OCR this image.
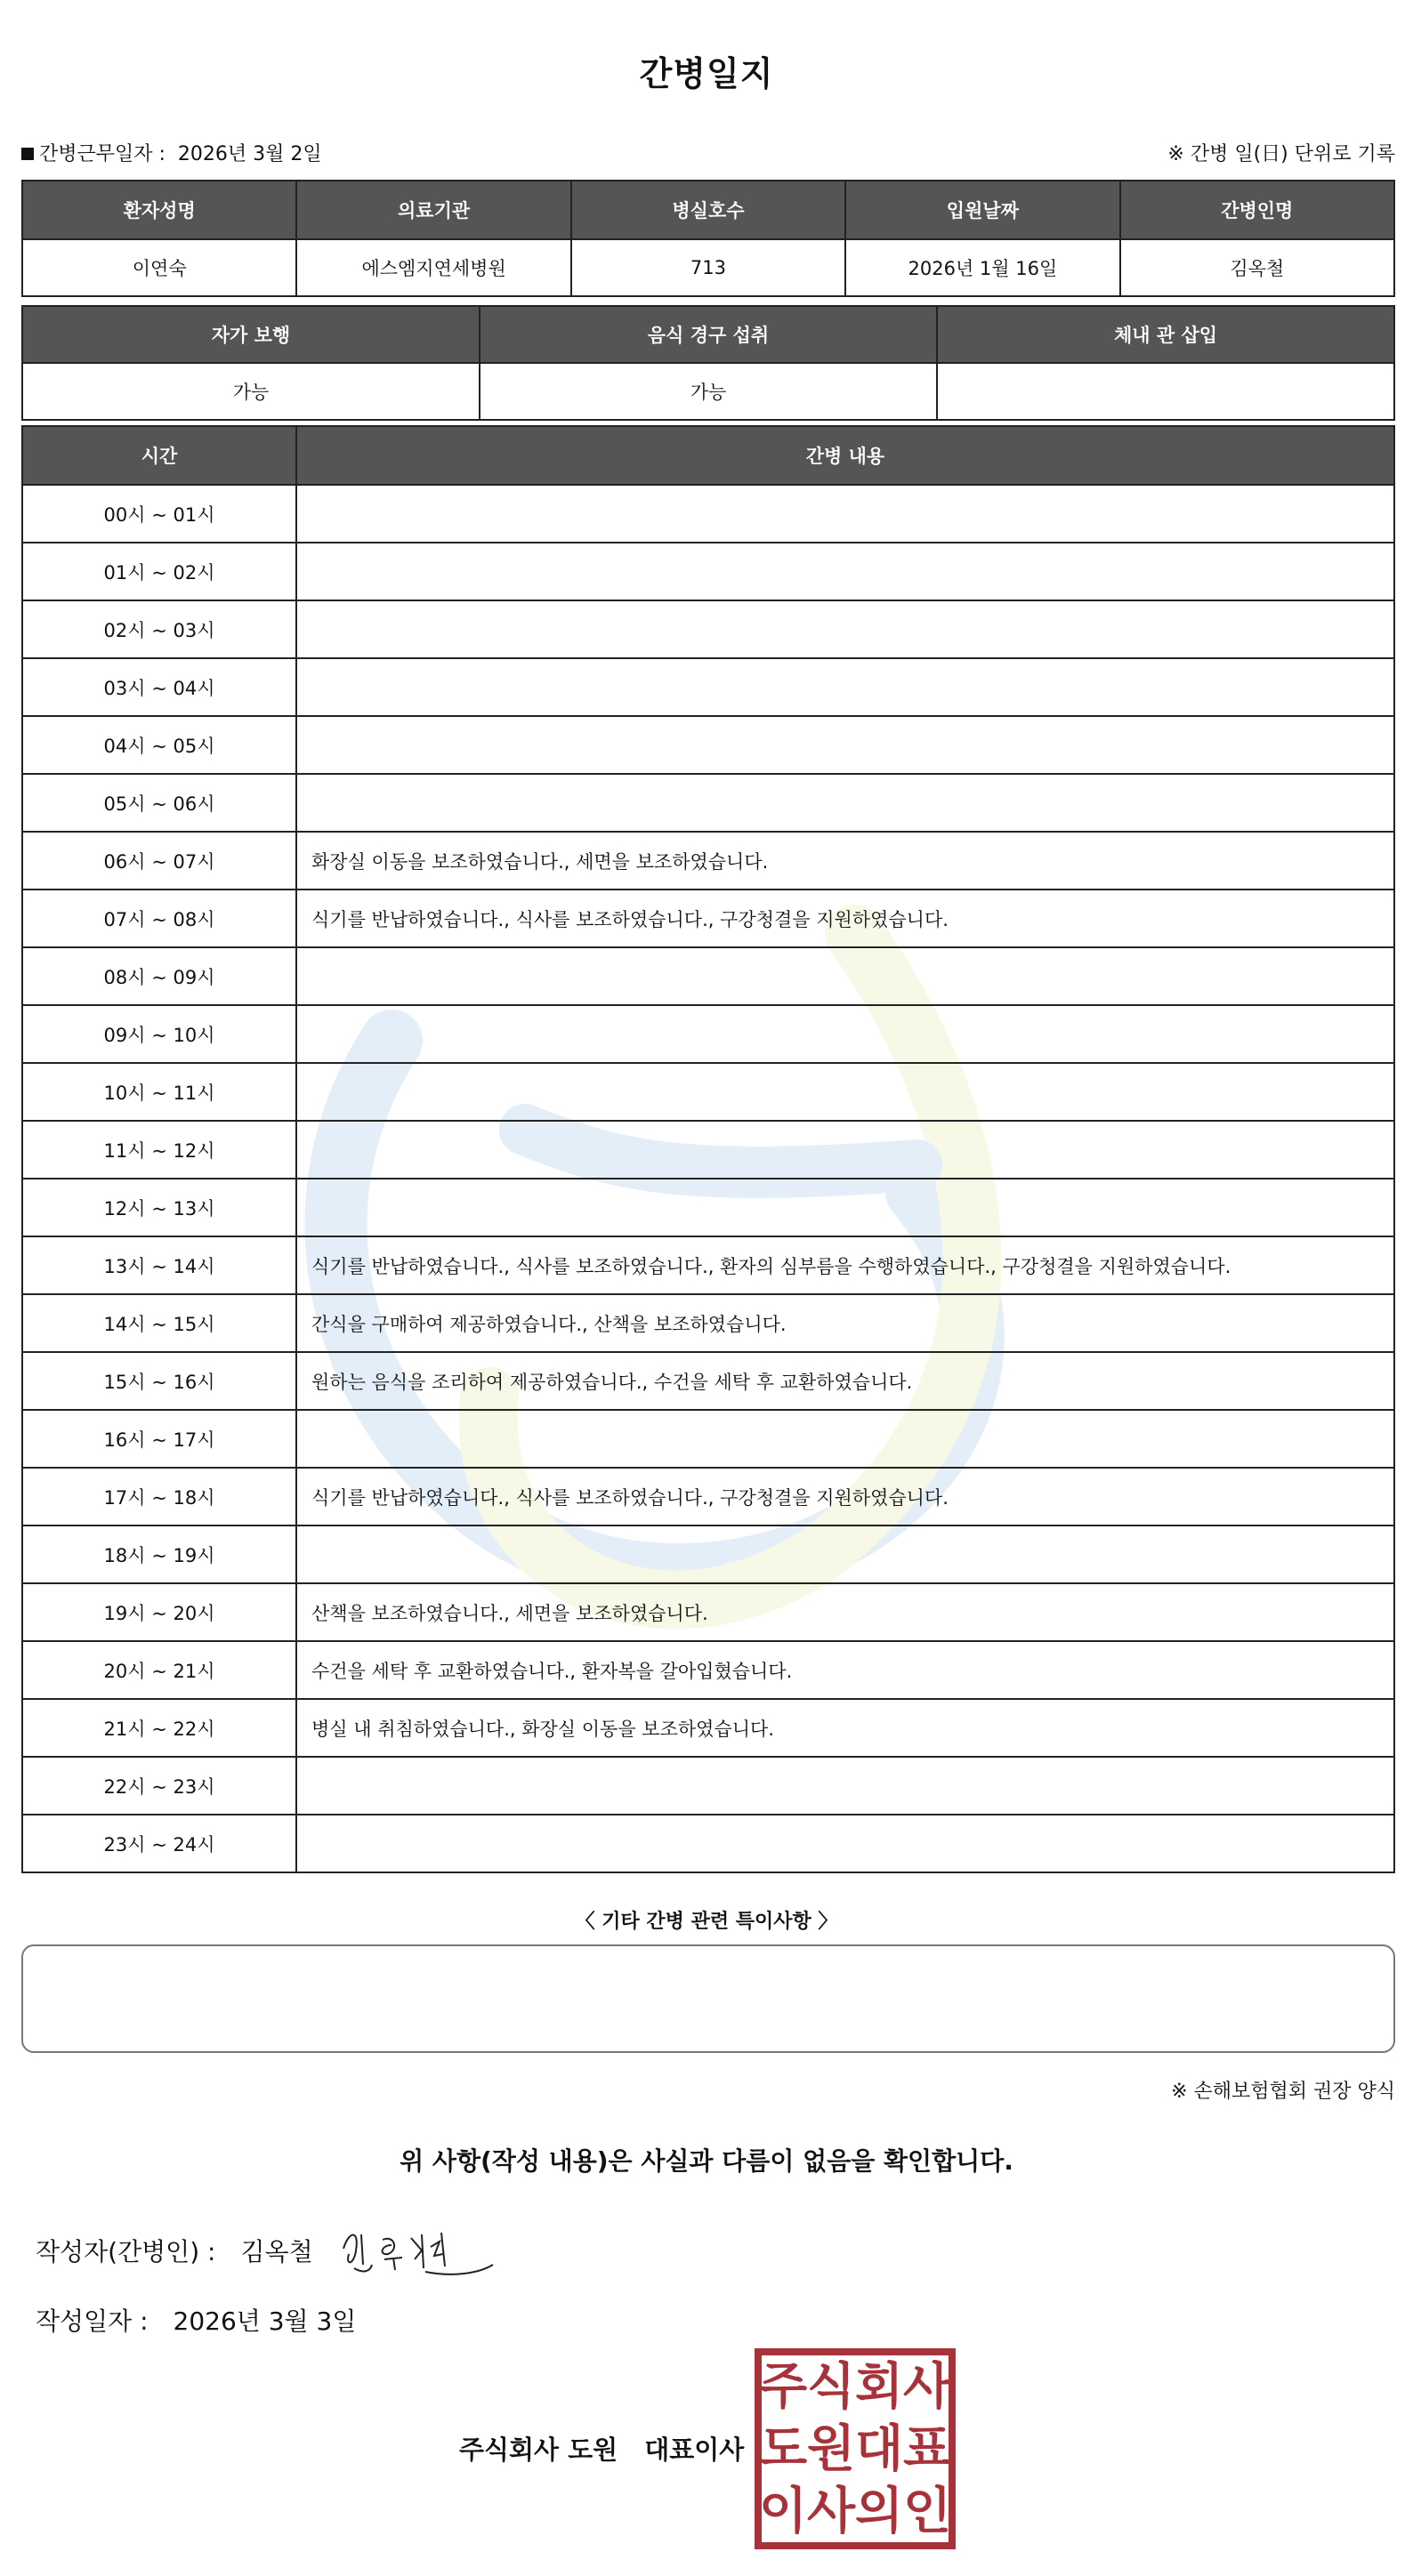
간병일지
간병근무일자 : 2026년 3월 2일	※ 간병 일(日) 단위로 기록
환자성명	의료기관	병실호수	입원날짜	간병인명
이연숙	에스엠지연세병원	713	2026년 1월 16일	김옥철
자가 보행	음식 경구 섭취	체내 관 삽입
가능	가능	
시간	간병 내용
00시 ~ 01시	
01시 ~ 02시	
02시 ~ 03시	
03시 ~ 04시	
04시 ~ 05시	
05시 ~ 06시	
06시 ~ 07시	화장실 이동을 보조하였습니다., 세면을 보조하였습니다.
07시 ~ 08시	식기를 반납하였습니다., 식사를 보조하였습니다., 구강청결을 지원하였습니다.
08시 ~ 09시	
09시 ~ 10시	
10시 ~ 11시	
11시 ~ 12시	
12시 ~ 13시	
13시 ~ 14시	식기를 반납하였습니다., 식사를 보조하였습니다., 환자의 심부름을 수행하였습니다., 구강청결을 지원하였습니다.
14시 ~ 15시	간식을 구매하여 제공하였습니다., 산책을 보조하였습니다.
15시 ~ 16시	원하는 음식을 조리하여 제공하였습니다., 수건을 세탁 후 교환하였습니다.
16시 ~ 17시	
17시 ~ 18시	식기를 반납하였습니다., 식사를 보조하였습니다., 구강청결을 지원하였습니다.
18시 ~ 19시	
19시 ~ 20시	산책을 보조하였습니다., 세면을 보조하였습니다.
20시 ~ 21시	수건을 세탁 후 교환하였습니다., 환자복을 갈아입혔습니다.
21시 ~ 22시	병실 내 취침하였습니다., 화장실 이동을 보조하였습니다.
22시 ~ 23시	
23시 ~ 24시	
〈 기타 간병 관련 특이사항 〉
※ 손해보험협회 권장 양식
위 사항(작성 내용)은 사실과 다름이 없음을 확인합니다.
작성자(간병인) : 김옥철
작성일자 : 2026년 3월 3일
주식회사 도원 대표이사
주 식 회 사
도 원 대 표
이 사 의 인
